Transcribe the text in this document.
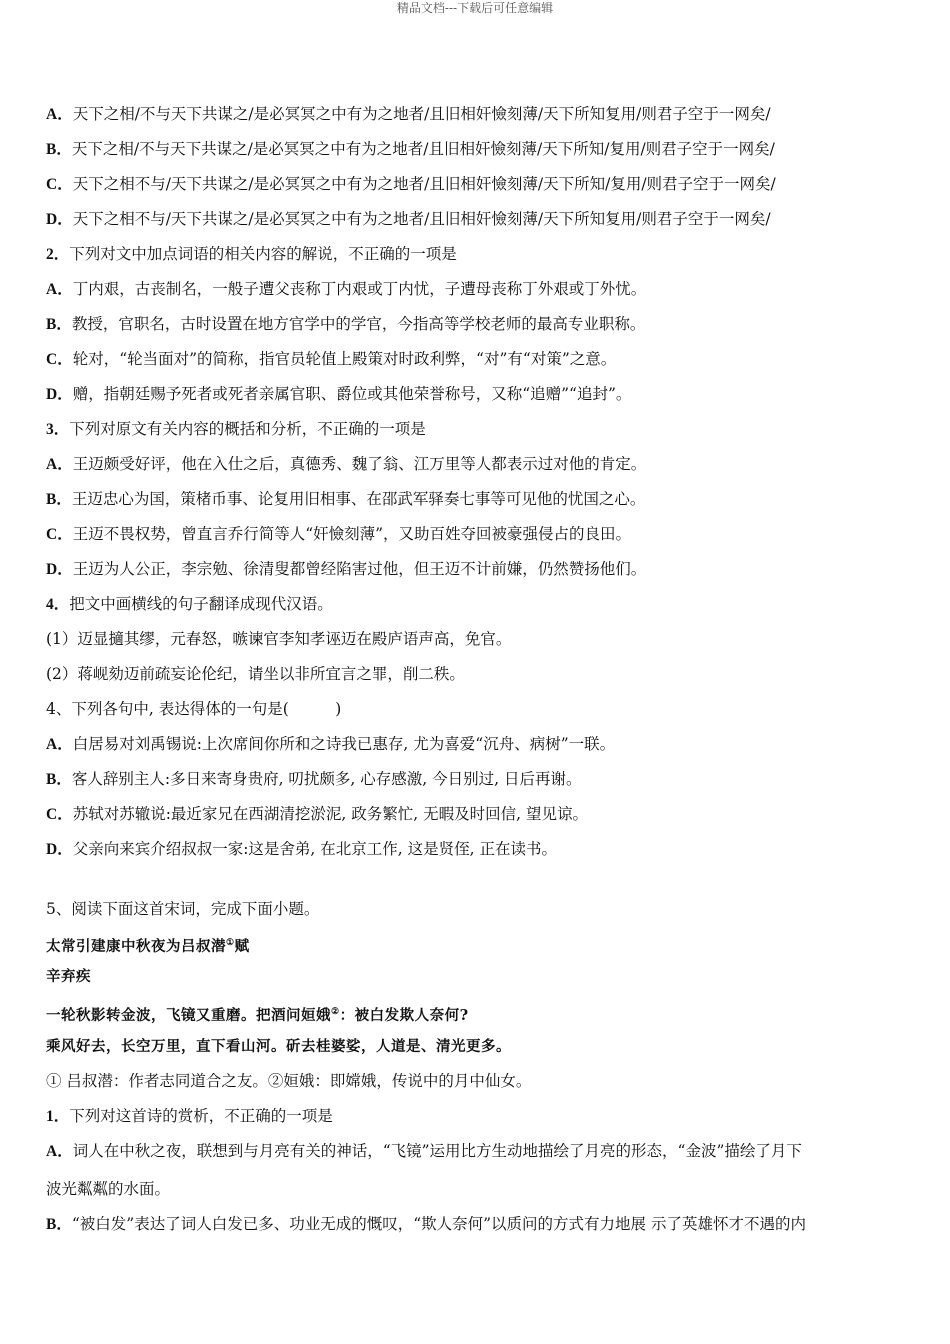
精品文档---下载后可任意编辑
A．天下之相/不与天下共谋之/是必冥冥之中有为之地者/且旧相奸憸刻薄/天下所知复用/则君子空于一网矣/
B．天下之相/不与天下共谋之/是必冥冥之中有为之地者/且旧相奸憸刻薄/天下所知/复用/则君子空于一网矣/
C．天下之相不与/天下共谋之/是必冥冥之中有为之地者/且旧相奸憸刻薄/天下所知/复用/则君子空于一网矣/
D．天下之相不与/天下共谋之/是必冥冥之中有为之地者/且旧相奸憸刻薄/天下所知复用/则君子空于一网矣/
2．下列对文中加点词语的相关内容的解说，不正确的一项是
A．丁内艰，古丧制名，一般子遭父丧称丁内艰或丁内忧，子遭母丧称丁外艰或丁外忧。
B．教授，官职名，古时设置在地方官学中的学官，今指高等学校老师的最高专业职称。
C．轮对，“轮当面对”的简称，指官员轮值上殿策对时政利弊，“对”有“对策”之意。
D．赠，指朝廷赐予死者或死者亲属官职、爵位或其他荣誉称号，又称“追赠”“追封”。
3．下列对原文有关内容的概括和分析，不正确的一项是
A．王迈颇受好评，他在入仕之后，真德秀、魏了翁、江万里等人都表示过对他的肯定。
B．王迈忠心为国，策楮币事、论复用旧相事、在邵武军驿奏七事等可见他的忧国之心。
C．王迈不畏权势，曾直言乔行简等人“奸憸刻薄”，又助百姓夺回被豪强侵占的良田。
D．王迈为人公正，李宗勉、徐清叟都曾经陷害过他，但王迈不计前嫌，仍然赞扬他们。
4．把文中画横线的句子翻译成现代汉语。
(1）迈显擿其缪，元春怒，嗾谏官李知孝诬迈在殿庐语声高，免官。
(2）蒋岘劾迈前疏妄论伦纪，请坐以非所宜言之罪，削二秩。
4、下列各句中, 表达得体的一句是(　　　)
A．白居易对刘禹锡说:上次席间你所和之诗我已惠存, 尤为喜爱“沉舟、病树”一联。
B．客人辞别主人:多日来寄身贵府, 叨扰颇多, 心存感激, 今日别过, 日后再谢。
C．苏轼对苏辙说:最近家兄在西湖清挖淤泥, 政务繁忙, 无暇及时回信, 望见谅。
D．父亲向来宾介绍叔叔一家:这是舍弟, 在北京工作, 这是贤侄, 正在读书。
5、阅读下面这首宋词，完成下面小题。
太常引建康中秋夜为吕叔潜①赋
辛弃疾
一轮秋影转金波，飞镜又重磨。把酒问姮娥②：被白发欺人奈何?
乘风好去，长空万里，直下看山河。斫去桂婆娑，人道是、清光更多。
① 吕叔潜：作者志同道合之友。②姮娥：即嫦娥，传说中的月中仙女。
1．下列对这首诗的赏析，不正确的一项是
A．词人在中秋之夜，联想到与月亮有关的神话，“飞镜”运用比方生动地描绘了月亮的形态，“金波”描绘了月下
波光粼粼的水面。
B．“被白发”表达了词人白发已多、功业无成的慨叹，“欺人奈何”以质问的方式有力地展 示了英雄怀才不遇的内
